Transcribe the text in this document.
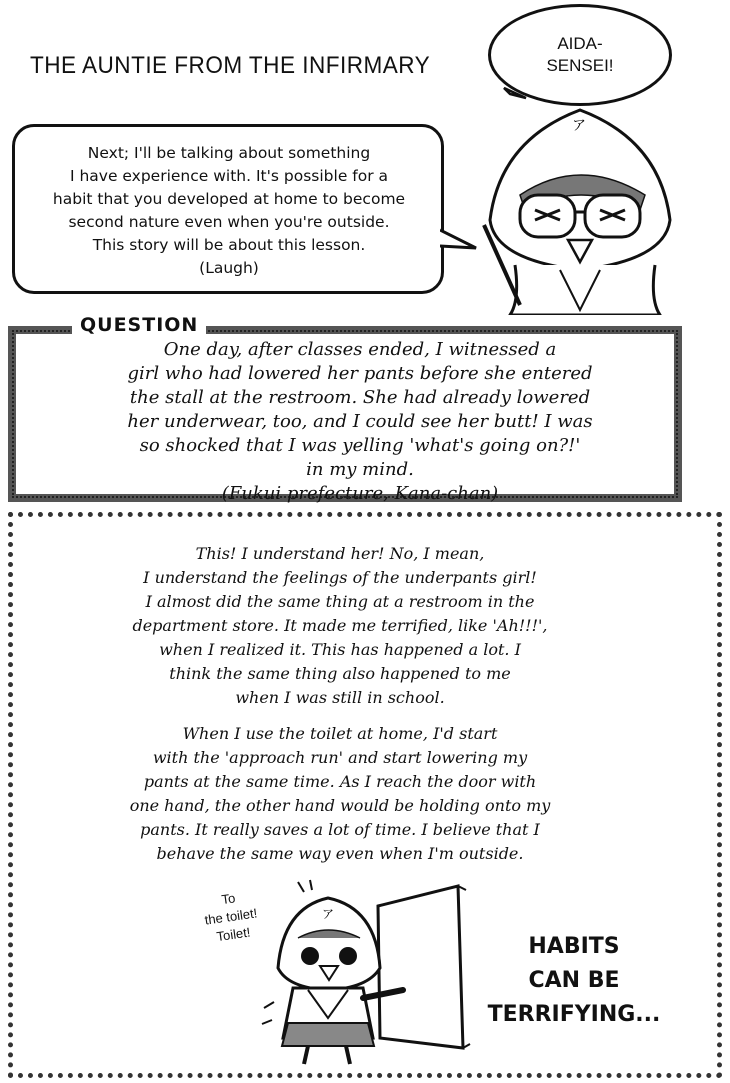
THE AUNTIE FROM THE INFIRMARY
AIDA-
SENSEI!
Next; I'll be talking about something
I have experience with. It's possible for a
habit that you developed at home to become
second nature even when you're outside.
This story will be about this lesson.
(Laugh)
ア
QUESTION
One day, after classes ended, I witnessed a
girl who had lowered her pants before she entered
the stall at the restroom. She had already lowered
her underwear, too, and I could see her butt! I was
so shocked that I was yelling 'what's going on?!'
in my mind.
(Fukui prefecture, Kana-chan)
This! I understand her! No, I mean,
I understand the feelings of the underpants girl!
I almost did the same thing at a restroom in the
department store. It made me terrified, like 'Ah!!!',
when I realized it. This has happened a lot. I
think the same thing also happened to me
when I was still in school.
When I use the toilet at home, I'd start
with the 'approach run' and start lowering my
pants at the same time. As I reach the door with
one hand, the other hand would be holding onto my
pants. It really saves a lot of time. I believe that I
behave the same way even when I'm outside.
To
the toilet!
Toilet!
ア
HABITS
CAN BE
TERRIFYING...
